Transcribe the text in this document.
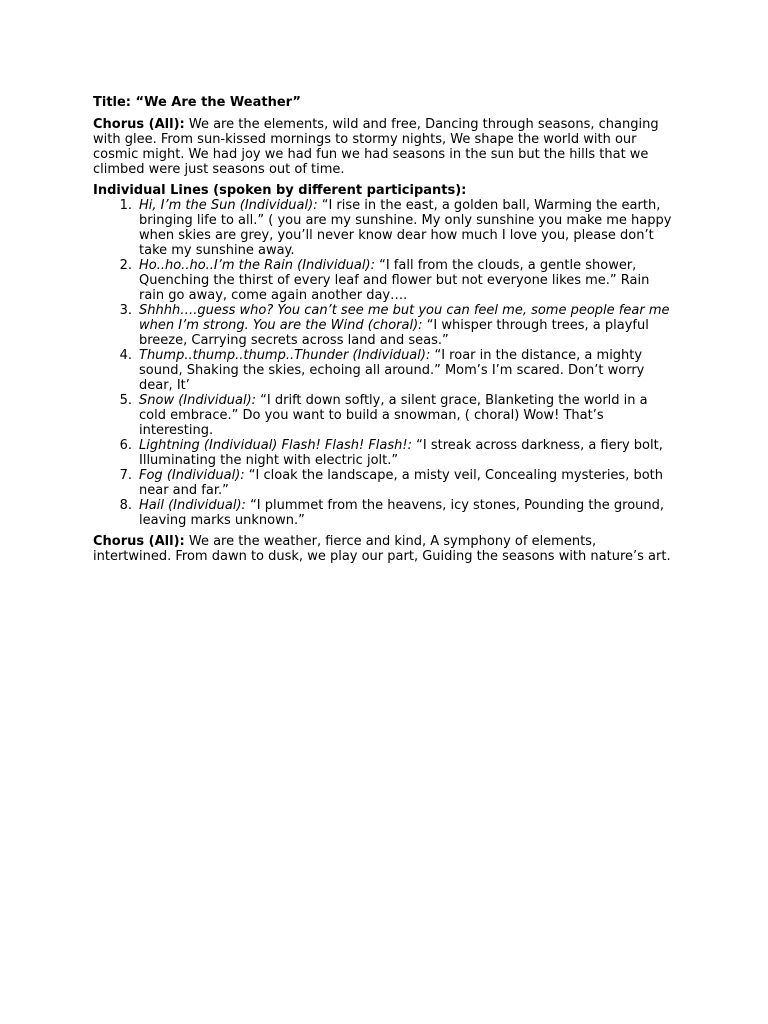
Title: “We Are the Weather”
Chorus (All): We are the elements, wild and free, Dancing through seasons, changing with glee. From sun-kissed mornings to stormy nights, We shape the world with our cosmic might. We had joy we had fun we had seasons in the sun but the hills that we climbed were just seasons out of time.
Individual Lines (spoken by different participants):
1. Hi, I’m the Sun (Individual): “I rise in the east, a golden ball, Warming the earth, bringing life to all.” ( you are my sunshine. My only sunshine you make me happy when skies are grey, you’ll never know dear how much I love you, please don’t take my sunshine away.
2. Ho..ho..ho..I’m the Rain (Individual): “I fall from the clouds, a gentle shower, Quenching the thirst of every leaf and flower but not everyone likes me.” Rain rain go away, come again another day….
3. Shhhh….guess who? You can’t see me but you can feel me, some people fear me when I’m strong. You are the Wind (choral): “I whisper through trees, a playful breeze, Carrying secrets across land and seas.”
4. Thump..thump..thump..Thunder (Individual): “I roar in the distance, a mighty sound, Shaking the skies, echoing all around.” Mom’s I’m scared. Don’t worry dear, It’
5. Snow (Individual): “I drift down softly, a silent grace, Blanketing the world in a cold embrace.” Do you want to build a snowman, ( choral) Wow! That’s interesting.
6. Lightning (Individual) Flash! Flash! Flash!: “I streak across darkness, a fiery bolt, Illuminating the night with electric jolt.”
7. Fog (Individual): “I cloak the landscape, a misty veil, Concealing mysteries, both near and far.”
8. Hail (Individual): “I plummet from the heavens, icy stones, Pounding the ground, leaving marks unknown.”
Chorus (All): We are the weather, fierce and kind, A symphony of elements, intertwined. From dawn to dusk, we play our part, Guiding the seasons with nature’s art.
